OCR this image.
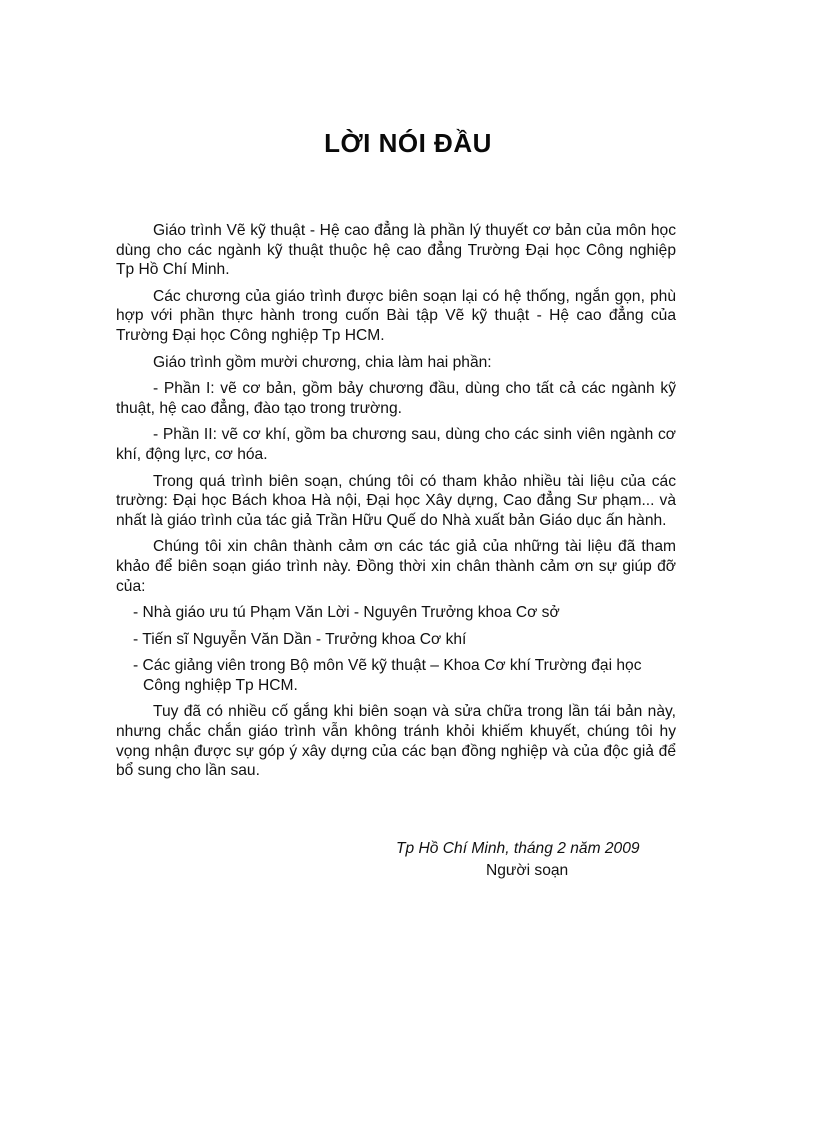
LỜI NÓI ĐẦU

Giáo trình Vẽ kỹ thuật - Hệ cao đẳng là phần lý thuyết cơ bản của môn học dùng cho các ngành kỹ thuật thuộc hệ cao đẳng Trường Đại học Công nghiệp Tp Hồ Chí Minh.

Các chương của giáo trình được biên soạn lại có hệ thống, ngắn gọn, phù hợp với phần thực hành trong cuốn Bài tập Vẽ kỹ thuật - Hệ cao đẳng của Trường Đại học Công nghiệp Tp HCM.

Giáo trình gồm mười chương, chia làm hai phần:

- Phần I: vẽ cơ bản, gồm bảy chương đầu, dùng cho tất cả các ngành kỹ thuật, hệ cao đẳng, đào tạo trong trường.

- Phần II: vẽ cơ khí, gồm ba chương sau, dùng cho các sinh viên ngành cơ khí, động lực, cơ hóa.

Trong quá trình biên soạn, chúng tôi có tham khảo nhiều tài liệu của các trường: Đại học Bách khoa Hà nội, Đại học Xây dựng, Cao đẳng Sư phạm... và nhất là giáo trình của tác giả Trần Hữu Quế do Nhà xuất bản Giáo dục ấn hành.

Chúng tôi xin chân thành cảm ơn các tác giả của những tài liệu đã tham khảo để biên soạn giáo trình này. Đồng thời xin chân thành cảm ơn sự giúp đỡ của:

- Nhà giáo ưu tú Phạm Văn Lời - Nguyên Trưởng khoa Cơ sở

- Tiến sĩ Nguyễn Văn Dần - Trưởng khoa Cơ khí

- Các giảng viên trong Bộ môn Vẽ kỹ thuật – Khoa Cơ khí Trường đại học Công nghiệp Tp HCM.

Tuy đã có nhiều cố gắng khi biên soạn và sửa chữa trong lần tái bản này, nhưng chắc chắn giáo trình vẫn không tránh khỏi khiếm khuyết, chúng tôi hy vọng nhận được sự góp ý xây dựng của các bạn đồng nghiệp và của độc giả để bổ sung cho lần sau.

Tp Hồ Chí Minh, tháng 2 năm 2009

Người soạn
